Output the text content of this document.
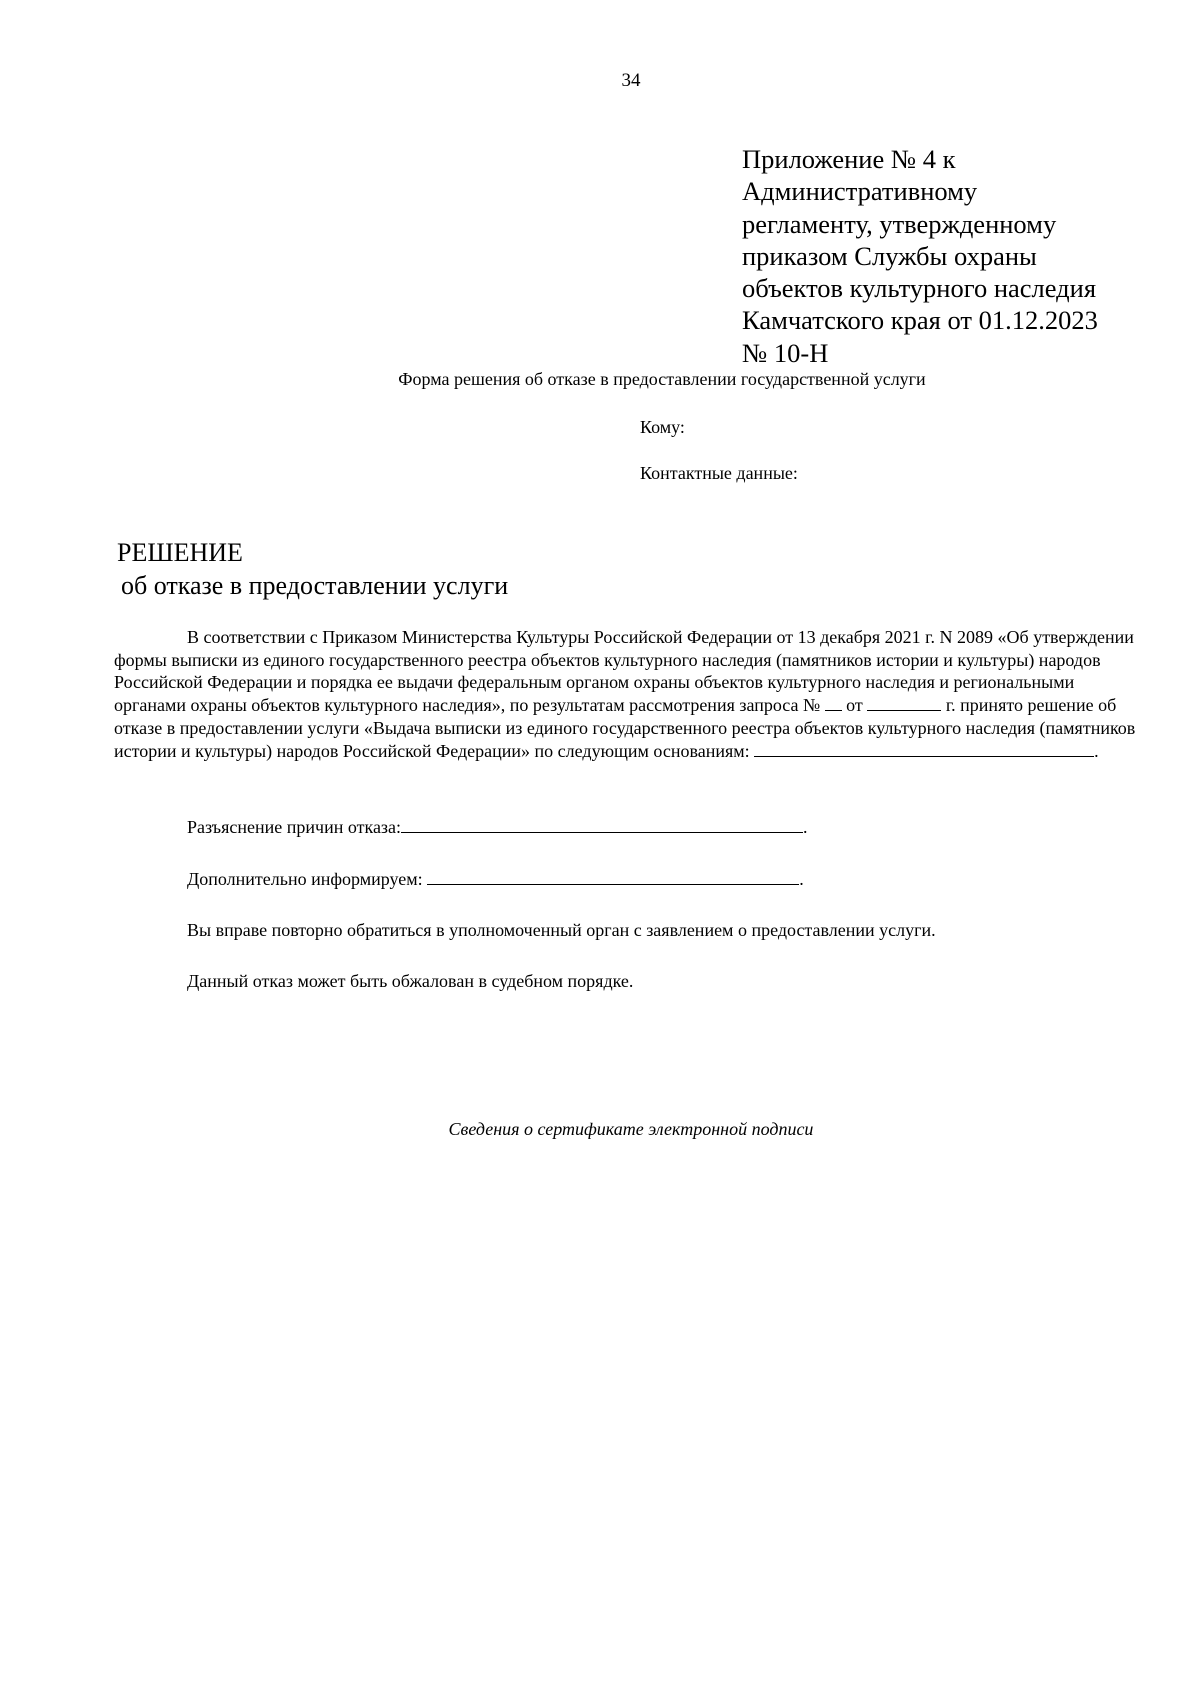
34
Приложение № 4 к
Административному
регламенту, утвержденному
приказом Службы охраны
объектов культурного наследия
Камчатского края от 01.12.2023
№ 10-Н
Форма решения об отказе в предоставлении государственной услуги
Кому:
Контактные данные:
РЕШЕНИЕ
об отказе в предоставлении услуги
В соответствии с Приказом Министерства Культуры Российской Федерации от 13 декабря 2021 г. N 2089 «Об утверждении формы выписки из единого государственного реестра объектов культурного наследия (памятников истории и культуры) народов Российской Федерации и порядка ее выдачи федеральным органом охраны объектов культурного наследия и региональными органами охраны объектов культурного наследия», по результатам рассмотрения запроса № от	г. принято решение об отказе в предоставлении услуги «Выдача выписки из единого государственного реестра объектов культурного наследия (памятников истории и культуры) народов Российской Федерации» по следующим основаниям:	.
Разъяснение причин отказа:	.
Дополнительно информируем:	.
Вы вправе повторно обратиться в уполномоченный орган с заявлением о предоставлении услуги.
Данный отказ может быть обжалован в судебном порядке.
Сведения о сертификате электронной подписи
